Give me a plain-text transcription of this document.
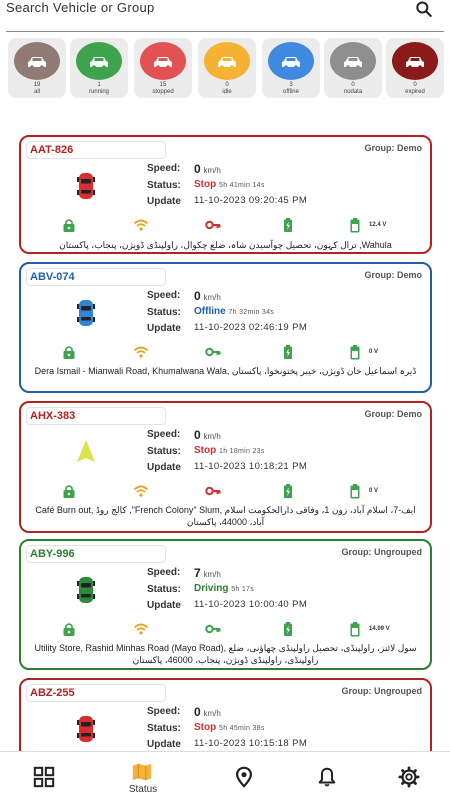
Search Vehicle or Group
19
all
1
running
15
stopped
0
idle
3
offline
0
nodata
0
expired
AAT-826	Group: Demo
Speed: 0 km/h
Status: Stop 5h 41min 14s
Update 11-10-2023 09:20:45 PM
12.4 V
ترال کہون، تحصیل چوآسیدن شاہ، ضلع چکوال، راولپنڈی ڈویژن، پنجاب، پاکستان ,Wahula
ABV-074	Group: Demo
Speed: 0 km/h
Status: Offline 7h 32min 34s
Update 11-10-2023 02:46:19 PM
0 V
Dera Ismail - Mianwali Road, Khumalwana Wala, ڈیرہ اسماعیل خان ڈویژن، خیبر پختونخوا، پاکستان
AHX-383	Group: Demo
Speed: 0 km/h
Status: Stop 1h 18min 23s
Update 11-10-2023 10:18:21 PM
0 V
Café Burn out, کالج روڈ ,"French Colony" Slum, ایف-7، اسلام آباد، زون 1، وفاقی دارالحکومت اسلام آباد، 44000، پاکستان
ABY-996	Group: Ungrouped
Speed: 7 km/h
Status: Driving 5h 17s
Update 11-10-2023 10:00:40 PM
14.09 V
Utility Store, Rashid Minhas Road (Mayo Road), سول لائنز، راولپنڈی، تحصیل راولپنڈی چھاؤنی، ضلع راولپنڈی، راولپنڈی ڈویژن، پنجاب، 46000، پاکستان
ABZ-255	Group: Ungrouped
Speed: 0 km/h
Status: Stop 5h 45min 38s
Update 11-10-2023 10:15:18 PM
Status
